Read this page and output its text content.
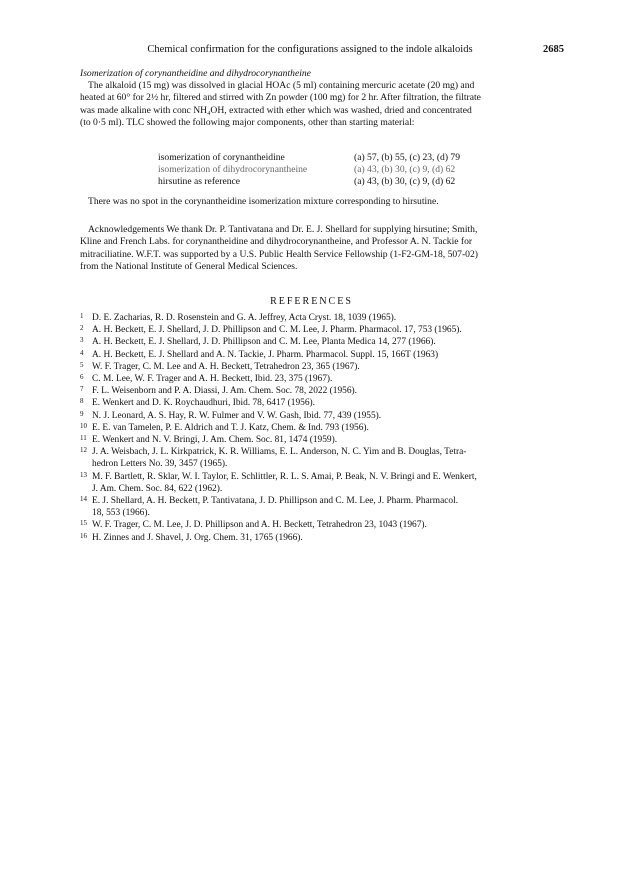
Chemical confirmation for the configurations assigned to the indole alkaloids	2685
Isomerization of corynantheidine and dihydrocorynantheine
The alkaloid (15 mg) was dissolved in glacial HOAc (5 ml) containing mercuric acetate (20 mg) and
heated at 60° for 2½ hr, filtered and stirred with Zn powder (100 mg) for 2 hr. After filtration, the filtrate
was made alkaline with conc NH₄OH, extracted with ether which was washed, dried and concentrated
(to 0·5 ml). TLC showed the following major components, other than starting material:
isomerization of corynantheidine	(a) 57, (b) 55, (c) 23, (d) 79
isomerization of dihydrocorynantheine	(a) 43, (b) 30, (c) 9, (d) 62
hirsutine as reference	(a) 43, (b) 30, (c) 9, (d) 62
There was no spot in the corynantheidine isomerization mixture corresponding to hirsutine.
Acknowledgements We thank Dr. P. Tantivatana and Dr. E. J. Shellard for supplying hirsutine; Smith,
Kline and French Labs. for corynantheidine and dihydrocorynantheine, and Professor A. N. Tackie for
mitraciliatine. W.F.T. was supported by a U.S. Public Health Service Fellowship (1-F2-GM-18, 507-02)
from the National Institute of General Medical Sciences.
REFERENCES
1 D. E. Zacharias, R. D. Rosenstein and G. A. Jeffrey, Acta Cryst. 18, 1039 (1965).
2 A. H. Beckett, E. J. Shellard, J. D. Phillipson and C. M. Lee, J. Pharm. Pharmacol. 17, 753 (1965).
3 A. H. Beckett, E. J. Shellard, J. D. Phillipson and C. M. Lee, Planta Medica 14, 277 (1966).
4 A. H. Beckett, E. J. Shellard and A. N. Tackie, J. Pharm. Pharmacol. Suppl. 15, 166T (1963)
5 W. F. Trager, C. M. Lee and A. H. Beckett, Tetrahedron 23, 365 (1967).
6 C. M. Lee, W. F. Trager and A. H. Beckett, Ibid. 23, 375 (1967).
7 F. L. Weisenborn and P. A. Diassi, J. Am. Chem. Soc. 78, 2022 (1956).
8 E. Wenkert and D. K. Roychaudhuri, Ibid. 78, 6417 (1956).
9 N. J. Leonard, A. S. Hay, R. W. Fulmer and V. W. Gash, Ibid. 77, 439 (1955).
10 E. E. van Tamelen, P. E. Aldrich and T. J. Katz, Chem. & Ind. 793 (1956).
11 E. Wenkert and N. V. Bringi, J. Am. Chem. Soc. 81, 1474 (1959).
12 J. A. Weisbach, J. L. Kirkpatrick, K. R. Williams, E. L. Anderson, N. C. Yim and B. Douglas, Tetra-
hedron Letters No. 39, 3457 (1965).
13 M. F. Bartlett, R. Sklar, W. I. Taylor, E. Schlittler, R. L. S. Amai, P. Beak, N. V. Bringi and E. Wenkert,
J. Am. Chem. Soc. 84, 622 (1962).
14 E. J. Shellard, A. H. Beckett, P. Tantivatana, J. D. Phillipson and C. M. Lee, J. Pharm. Pharmacol.
18, 553 (1966).
15 W. F. Trager, C. M. Lee, J. D. Phillipson and A. H. Beckett, Tetrahedron 23, 1043 (1967).
16 H. Zinnes and J. Shavel, J. Org. Chem. 31, 1765 (1966).
